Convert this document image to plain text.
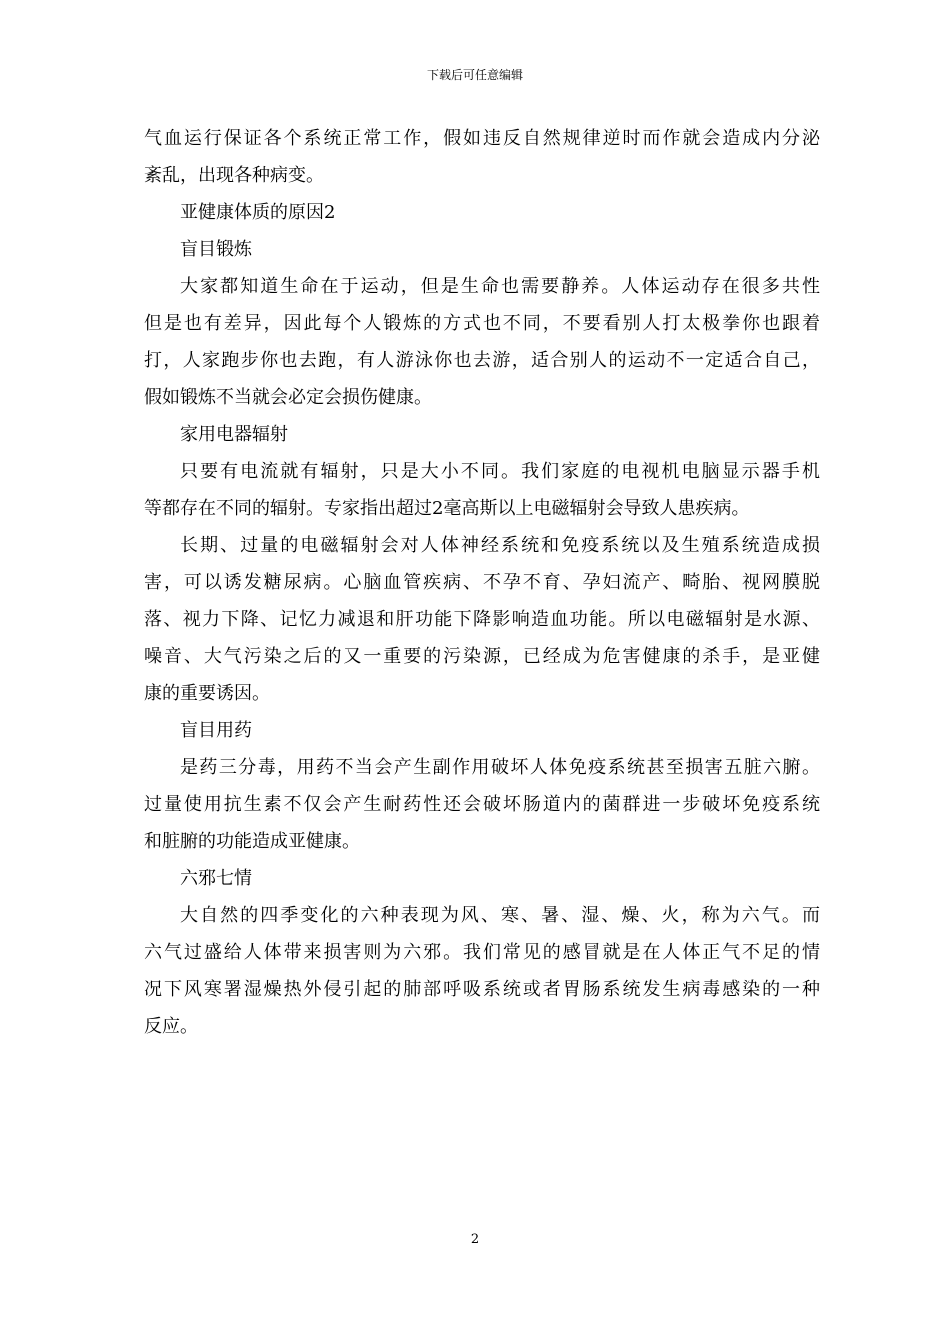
下载后可任意编辑
气血运行保证各个系统正常工作，假如违反自然规律逆时而作就会造成内分泌
紊乱，出现各种病变。
亚健康体质的原因2
盲目锻炼
大家都知道生命在于运动，但是生命也需要静养。人体运动存在很多共性
但是也有差异，因此每个人锻炼的方式也不同，不要看别人打太极拳你也跟着
打，人家跑步你也去跑，有人游泳你也去游，适合别人的运动不一定适合自己，
假如锻炼不当就会必定会损伤健康。
家用电器辐射
只要有电流就有辐射，只是大小不同。我们家庭的电视机电脑显示器手机
等都存在不同的辐射。专家指出超过2毫高斯以上电磁辐射会导致人患疾病。
长期、过量的电磁辐射会对人体神经系统和免疫系统以及生殖系统造成损
害，可以诱发糖尿病。心脑血管疾病、不孕不育、孕妇流产、畸胎、视网膜脱
落、视力下降、记忆力减退和肝功能下降影响造血功能。所以电磁辐射是水源、
噪音、大气污染之后的又一重要的污染源，已经成为危害健康的杀手，是亚健
康的重要诱因。
盲目用药
是药三分毒，用药不当会产生副作用破坏人体免疫系统甚至损害五脏六腑。
过量使用抗生素不仅会产生耐药性还会破坏肠道内的菌群进一步破坏免疫系统
和脏腑的功能造成亚健康。
六邪七情
大自然的四季变化的六种表现为风、寒、暑、湿、燥、火，称为六气。而
六气过盛给人体带来损害则为六邪。我们常见的感冒就是在人体正气不足的情
况下风寒署湿燥热外侵引起的肺部呼吸系统或者胃肠系统发生病毒感染的一种
反应。
2
